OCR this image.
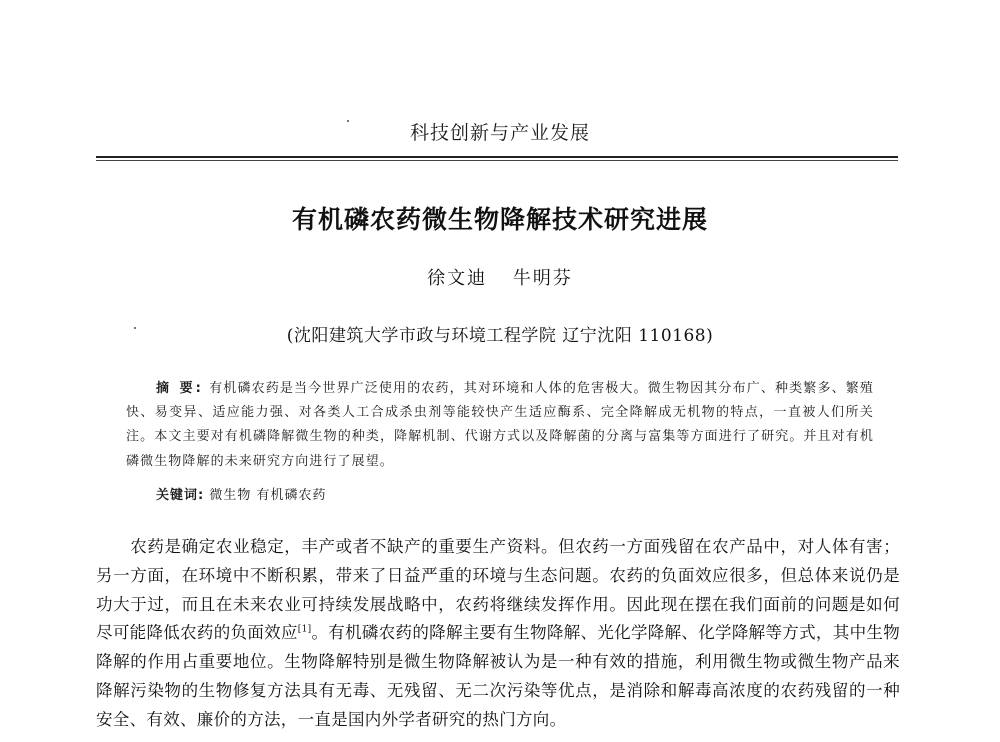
科技创新与产业发展
有机磷农药微生物降解技术研究进展
徐文迪 牛明芬
(沈阳建筑大学市政与环境工程学院 辽宁沈阳 110168)
摘 要: 有机磷农药是当今世界广泛使用的农药，其对环境和人体的危害极大。微生物因其分布广、种类繁多、繁殖快、易变异、适应能力强、对各类人工合成杀虫剂等能较快产生适应酶系、完全降解成无机物的特点，一直被人们所关注。本文主要对有机磷降解微生物的种类，降解机制、代谢方式以及降解菌的分离与富集等方面进行了研究。并且对有机磷微生物降解的未来研究方向进行了展望。
关键词: 微生物 有机磷农药
农药是确定农业稳定，丰产或者不缺产的重要生产资料。但农药一方面残留在农产品中，对人体有害；另一方面，在环境中不断积累，带来了日益严重的环境与生态问题。农药的负面效应很多，但总体来说仍是功大于过，而且在未来农业可持续发展战略中，农药将继续发挥作用。因此现在摆在我们面前的问题是如何尽可能降低农药的负面效应[1]。有机磷农药的降解主要有生物降解、光化学降解、化学降解等方式，其中生物降解的作用占重要地位。生物降解特别是微生物降解被认为是一种有效的措施，利用微生物或微生物产品来降解污染物的生物修复方法具有无毒、无残留、无二次污染等优点，是消除和解毒高浓度的农药残留的一种安全、有效、廉价的方法，一直是国内外学者研究的热门方向。
